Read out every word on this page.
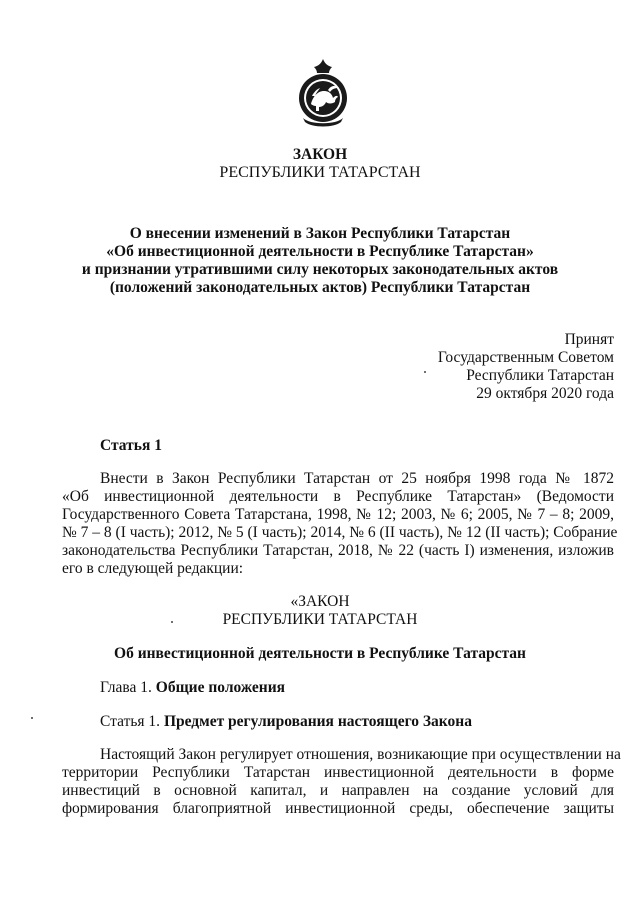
ЗАКОН
РЕСПУБЛИКИ ТАТАРСТАН
О внесении изменений в Закон Республики Татарстан
«Об инвестиционной деятельности в Республике Татарстан»
и признании утратившими силу некоторых законодательных актов
(положений законодательных актов) Республики Татарстан
Принят
Государственным Советом
Республики Татарстан
29 октября 2020 года
Статья 1
Внести в Закон Республики Татарстан от 25 ноября 1998 года № 1872
«Об инвестиционной деятельности в Республике Татарстан» (Ведомости
Государственного Совета Татарстана, 1998, № 12; 2003, № 6; 2005, № 7 – 8; 2009,
№ 7 – 8 (I часть); 2012, № 5 (I часть); 2014, № 6 (II часть), № 12 (II часть); Собрание
законодательства Республики Татарстан, 2018, № 22 (часть I) изменения, изложив
его в следующей редакции:
«ЗАКОН
РЕСПУБЛИКИ ТАТАРСТАН
Об инвестиционной деятельности в Республике Татарстан
Глава 1. Общие положения
Статья 1. Предмет регулирования настоящего Закона
Настоящий Закон регулирует отношения, возникающие при осуществлении на
территории Республики Татарстан инвестиционной деятельности в форме
инвестиций в основной капитал, и направлен на создание условий для
формирования благоприятной инвестиционной среды, обеспечение защиты
